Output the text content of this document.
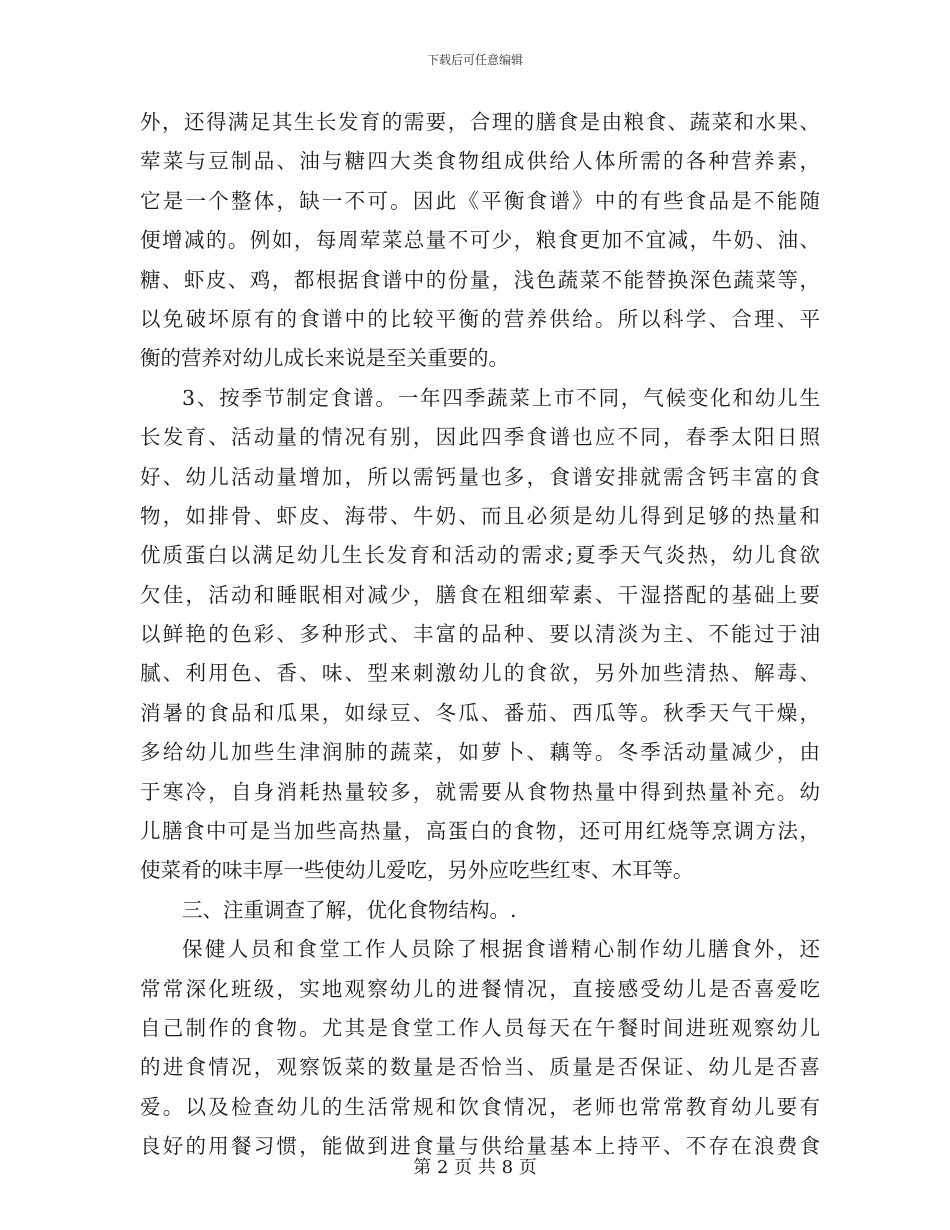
下载后可任意编辑
外，还得满足其生长发育的需要，合理的膳食是由粮食、蔬菜和水果、
荤菜与豆制品、油与糖四大类食物组成供给人体所需的各种营养素，
它是一个整体，缺一不可。因此《平衡食谱》中的有些食品是不能随
便增减的。例如，每周荤菜总量不可少，粮食更加不宜减，牛奶、油、
糖、虾皮、鸡，都根据食谱中的份量，浅色蔬菜不能替换深色蔬菜等，
以免破坏原有的食谱中的比较平衡的营养供给。所以科学、合理、平
衡的营养对幼儿成长来说是至关重要的。
3、按季节制定食谱。一年四季蔬菜上市不同，气候变化和幼儿生
长发育、活动量的情况有别，因此四季食谱也应不同，春季太阳日照
好、幼儿活动量增加，所以需钙量也多，食谱安排就需含钙丰富的食
物，如排骨、虾皮、海带、牛奶、而且必须是幼儿得到足够的热量和
优质蛋白以满足幼儿生长发育和活动的需求;夏季天气炎热，幼儿食欲
欠佳，活动和睡眠相对减少，膳食在粗细荤素、干湿搭配的基础上要
以鲜艳的色彩、多种形式、丰富的品种、要以清淡为主、不能过于油
腻、利用色、香、味、型来刺激幼儿的食欲，另外加些清热、解毒、
消暑的食品和瓜果，如绿豆、冬瓜、番茄、西瓜等。秋季天气干燥，
多给幼儿加些生津润肺的蔬菜，如萝卜、藕等。冬季活动量减少，由
于寒冷，自身消耗热量较多，就需要从食物热量中得到热量补充。幼
儿膳食中可是当加些高热量，高蛋白的食物，还可用红烧等烹调方法，
使菜肴的味丰厚一些使幼儿爱吃，另外应吃些红枣、木耳等。
三、注重调查了解，优化食物结构。.
保健人员和食堂工作人员除了根据食谱精心制作幼儿膳食外，还
常常深化班级，实地观察幼儿的进餐情况，直接感受幼儿是否喜爱吃
自己制作的食物。尤其是食堂工作人员每天在午餐时间进班观察幼儿
的进食情况，观察饭菜的数量是否恰当、质量是否保证、幼儿是否喜
爱。以及检查幼儿的生活常规和饮食情况，老师也常常教育幼儿要有
良好的用餐习惯，能做到进食量与供给量基本上持平、不存在浪费食
第 2 页 共 8 页
